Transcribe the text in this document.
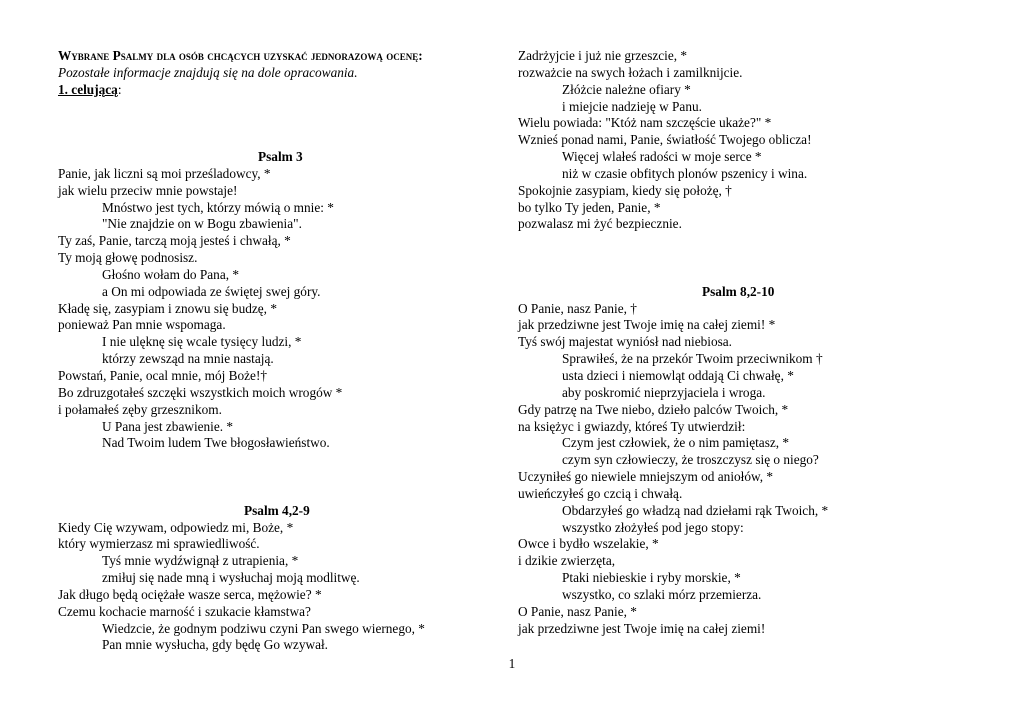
Wybrane Psalmy dla osób chcących uzyskać jednorazową ocenę:
Pozostałe informacje znajdują się na dole opracowania.
1. celującą:
Psalm 3
Panie, jak liczni są moi prześladowcy, *
jak wielu przeciw mnie powstaje!
Mnóstwo jest tych, którzy mówią o mnie: *
"Nie znajdzie on w Bogu zbawienia".
Ty zaś, Panie, tarczą moją jesteś i chwałą, *
Ty moją głowę podnosisz.
Głośno wołam do Pana, *
a On mi odpowiada ze świętej swej góry.
Kładę się, zasypiam i znowu się budzę, *
ponieważ Pan mnie wspomaga.
I nie ulęknę się wcale tysięcy ludzi, *
którzy zewsząd na mnie nastają.
Powstań, Panie, ocal mnie, mój Boże!†
Bo zdruzgotałeś szczęki wszystkich moich wrogów *
i połamałeś zęby grzesznikom.
U Pana jest zbawienie. *
Nad Twoim ludem Twe błogosławieństwo.
Psalm 4,2-9
Kiedy Cię wzywam, odpowiedz mi, Boże, *
który wymierzasz mi sprawiedliwość.
Tyś mnie wydźwignął z utrapienia, *
zmiłuj się nade mną i wysłuchaj moją modlitwę.
Jak długo będą ociężałe wasze serca, mężowie? *
Czemu kochacie marność i szukacie kłamstwa?
Wiedzcie, że godnym podziwu czyni Pan swego wiernego, *
Pan mnie wysłucha, gdy będę Go wzywał.
Zadrżyjcie i już nie grzeszcie, *
rozważcie na swych łożach i zamilknijcie.
Złóżcie należne ofiary *
i miejcie nadzieję w Panu.
Wielu powiada: "Któż nam szczęście ukaże?" *
Wznieś ponad nami, Panie, światłość Twojego oblicza!
Więcej wlałeś radości w moje serce *
niż w czasie obfitych plonów pszenicy i wina.
Spokojnie zasypiam, kiedy się położę, †
bo tylko Ty jeden, Panie, *
pozwalasz mi żyć bezpiecznie.
Psalm 8,2-10
O Panie, nasz Panie, †
jak przedziwne jest Twoje imię na całej ziemi! *
Tyś swój majestat wyniósł nad niebiosa.
Sprawiłeś, że na przekór Twoim przeciwnikom †
usta dzieci i niemowląt oddają Ci chwałę, *
aby poskromić nieprzyjaciela i wroga.
Gdy patrzę na Twe niebo, dzieło palców Twoich, *
na księżyc i gwiazdy, któreś Ty utwierdził:
Czym jest człowiek, że o nim pamiętasz, *
czym syn człowieczy, że troszczysz się o niego?
Uczyniłeś go niewiele mniejszym od aniołów, *
uwieńczyłeś go czcią i chwałą.
Obdarzyłeś go władzą nad dziełami rąk Twoich, *
wszystko złożyłeś pod jego stopy:
Owce i bydło wszelakie, *
i dzikie zwierzęta,
Ptaki niebieskie i ryby morskie, *
wszystko, co szlaki mórz przemierza.
O Panie, nasz Panie, *
jak przedziwne jest Twoje imię na całej ziemi!
1
